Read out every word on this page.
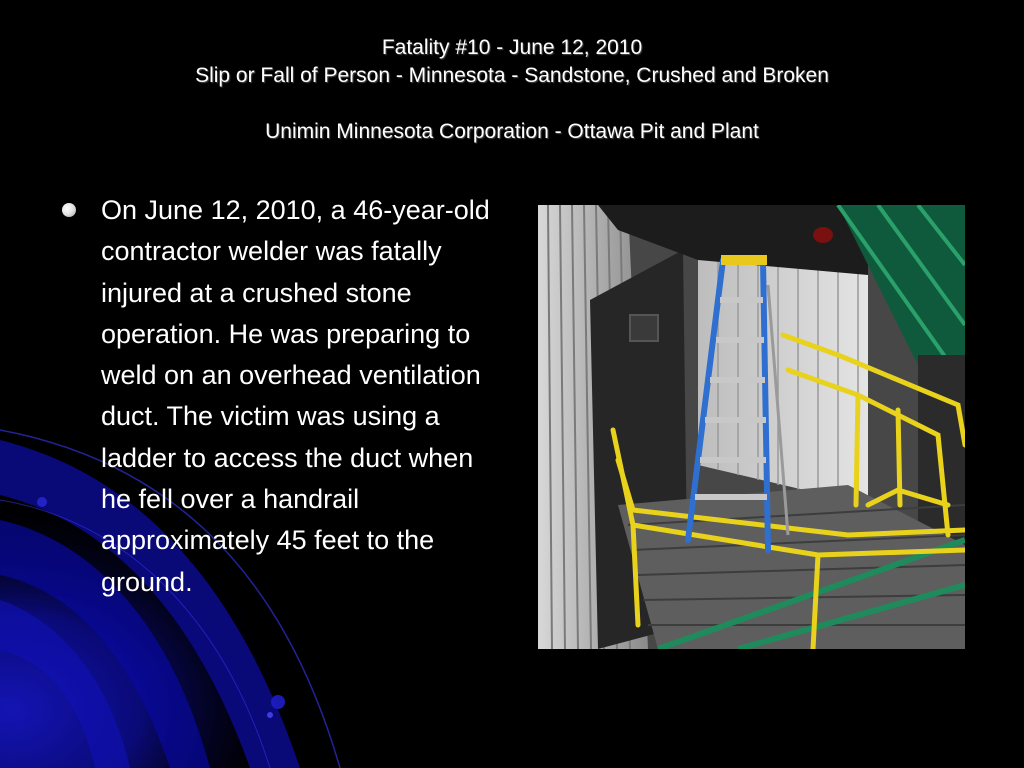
Fatality #10 - June 12, 2010
Slip or Fall of Person - Minnesota - Sandstone, Crushed and Broken
Unimin Minnesota Corporation - Ottawa Pit and Plant
On June 12, 2010, a 46-year-old contractor welder was fatally injured at a crushed stone operation. He was preparing to weld on an overhead ventilation duct. The victim was using a ladder to access the duct when he fell over a handrail approximately 45 feet to the ground.
